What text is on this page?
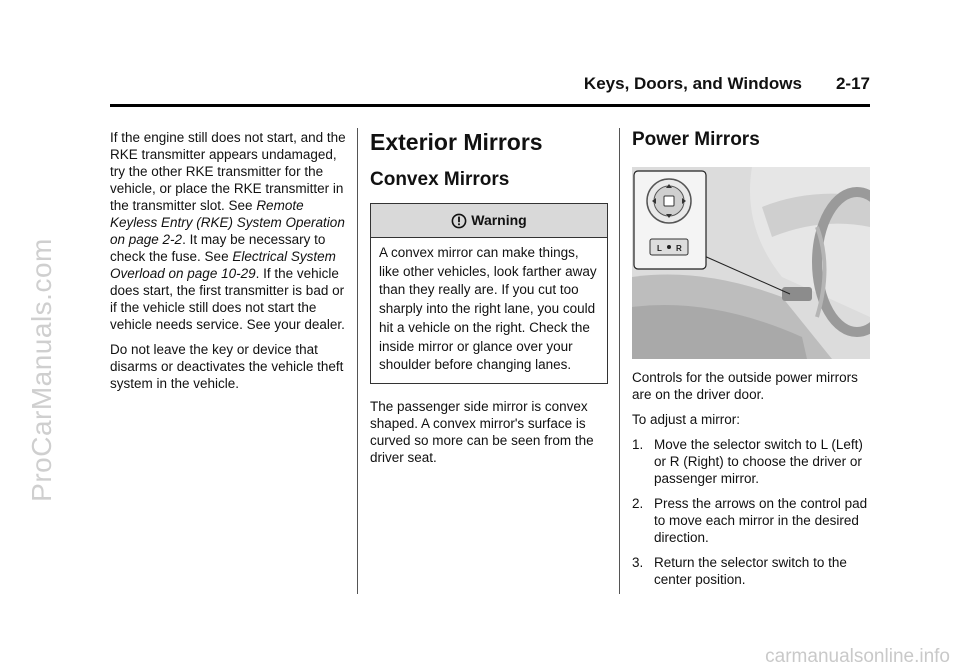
ProCarManuals.com
Keys, Doors, and Windows 2-17

If the engine still does not start, and the RKE transmitter appears undamaged, try the other RKE transmitter for the vehicle, or place the RKE transmitter in the transmitter slot. See Remote Keyless Entry (RKE) System Operation on page 2-2. It may be necessary to check the fuse. See Electrical System Overload on page 10-29. If the vehicle does start, the first transmitter is bad or if the vehicle still does not start the vehicle needs service. See your dealer.

Do not leave the key or device that disarms or deactivates the vehicle theft system in the vehicle.

Exterior Mirrors
Convex Mirrors
Warning
A convex mirror can make things, like other vehicles, look farther away than they really are. If you cut too sharply into the right lane, you could hit a vehicle on the right. Check the inside mirror or glance over your shoulder before changing lanes.

The passenger side mirror is convex shaped. A convex mirror's surface is curved so more can be seen from the driver seat.

Power Mirrors
L R

Controls for the outside power mirrors are on the driver door.

To adjust a mirror:

1. Move the selector switch to L (Left) or R (Right) to choose the driver or passenger mirror.
2. Press the arrows on the control pad to move each mirror in the desired direction.
3. Return the selector switch to the center position.
carmanualsonline.info
